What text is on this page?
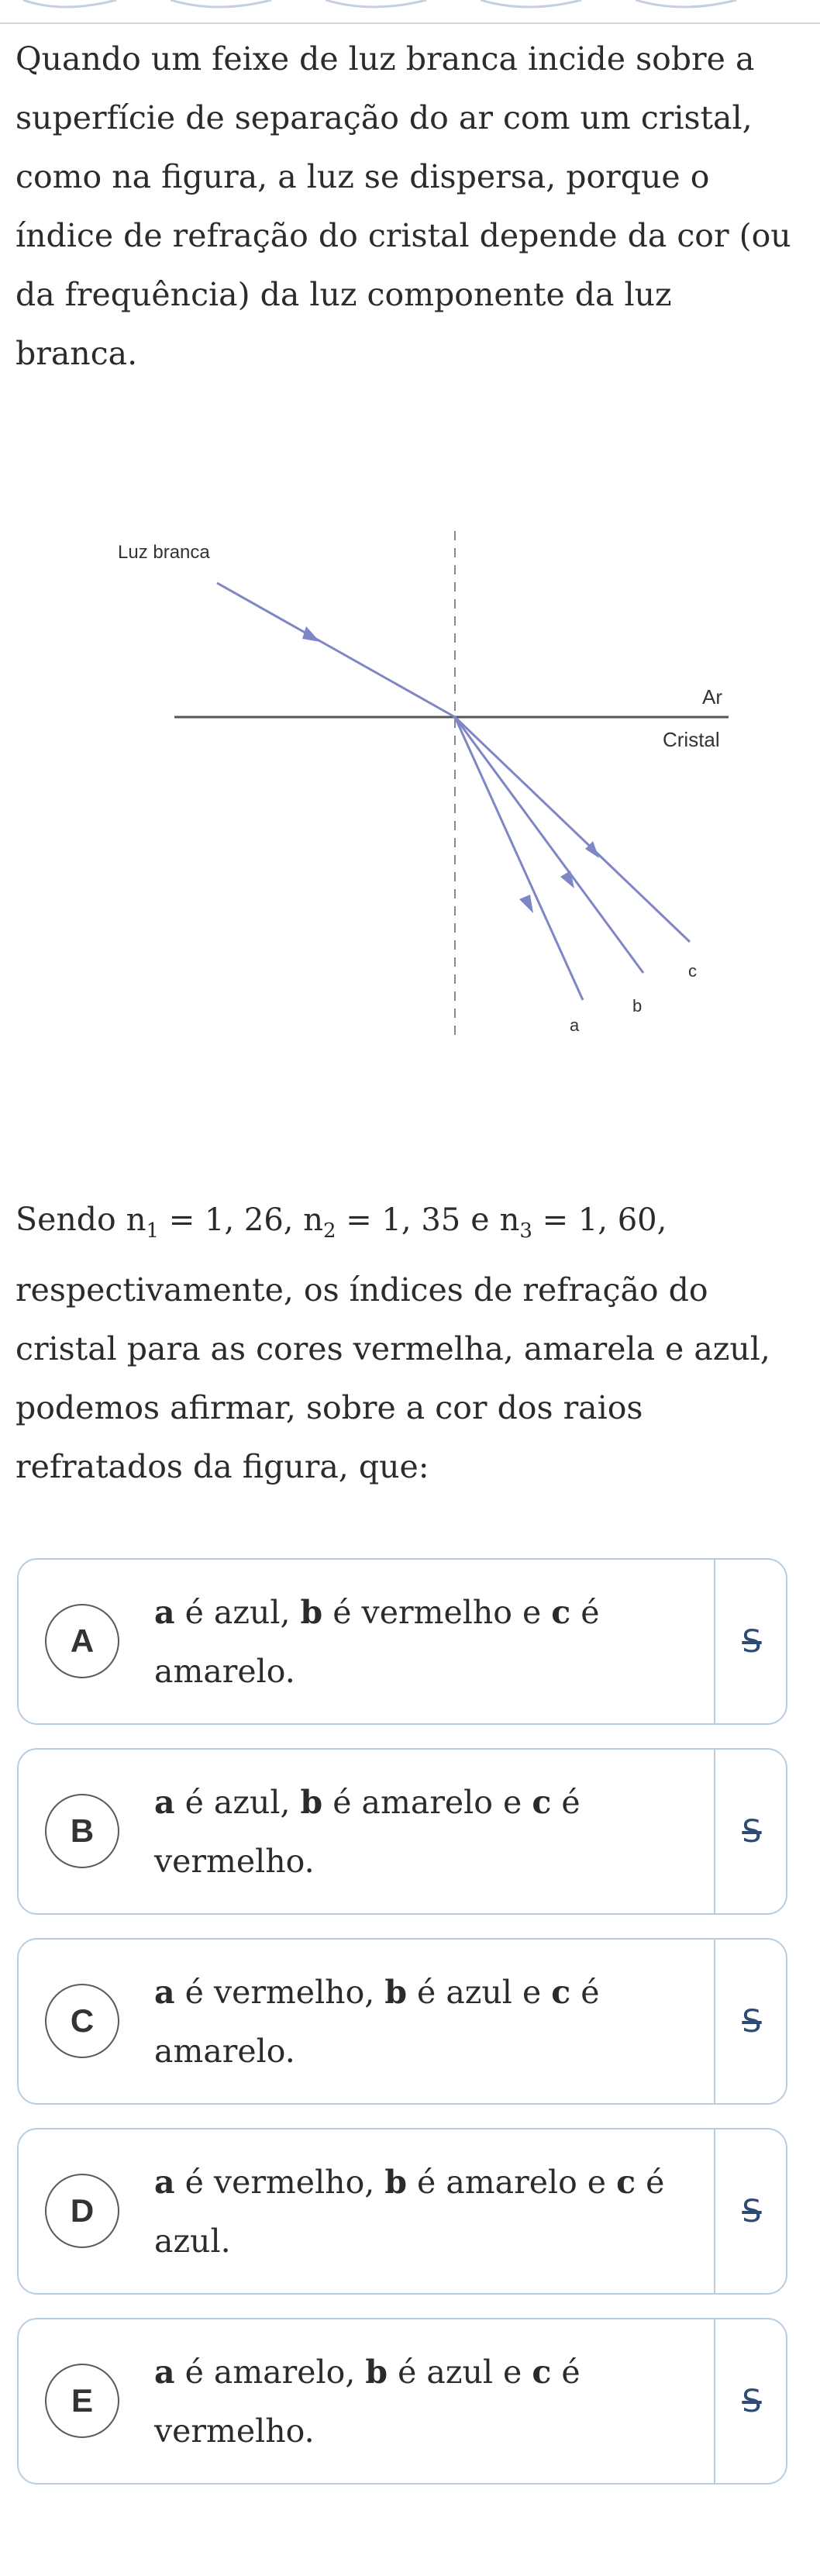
Quando um feixe de luz branca incide sobre a superfície de separação do ar com um cristal, como na figura, a luz se dispersa, porque o índice de refração do cristal depende da cor (ou da frequência) da luz componente da luz branca.

Luz branca
Ar
Cristal
a
b
c

Sendo $n_1 = 1$, 26, $n_2 = 1$, 35 e $n_3 = 1$, 60, respectivamente, os índices de refração do cristal para as cores vermelha, amarela e azul, podemos afirmar, sobre a cor dos raios refratados da figura, que:

A
a é azul, b é vermelho e c é amarelo.
S
B
a é azul, b é amarelo e c é vermelho.
S
C
a é vermelho, b é azul e c é amarelo.
S
D
a é vermelho, b é amarelo e c é azul.
S
E
a é amarelo, b é azul e c é vermelho.
S
